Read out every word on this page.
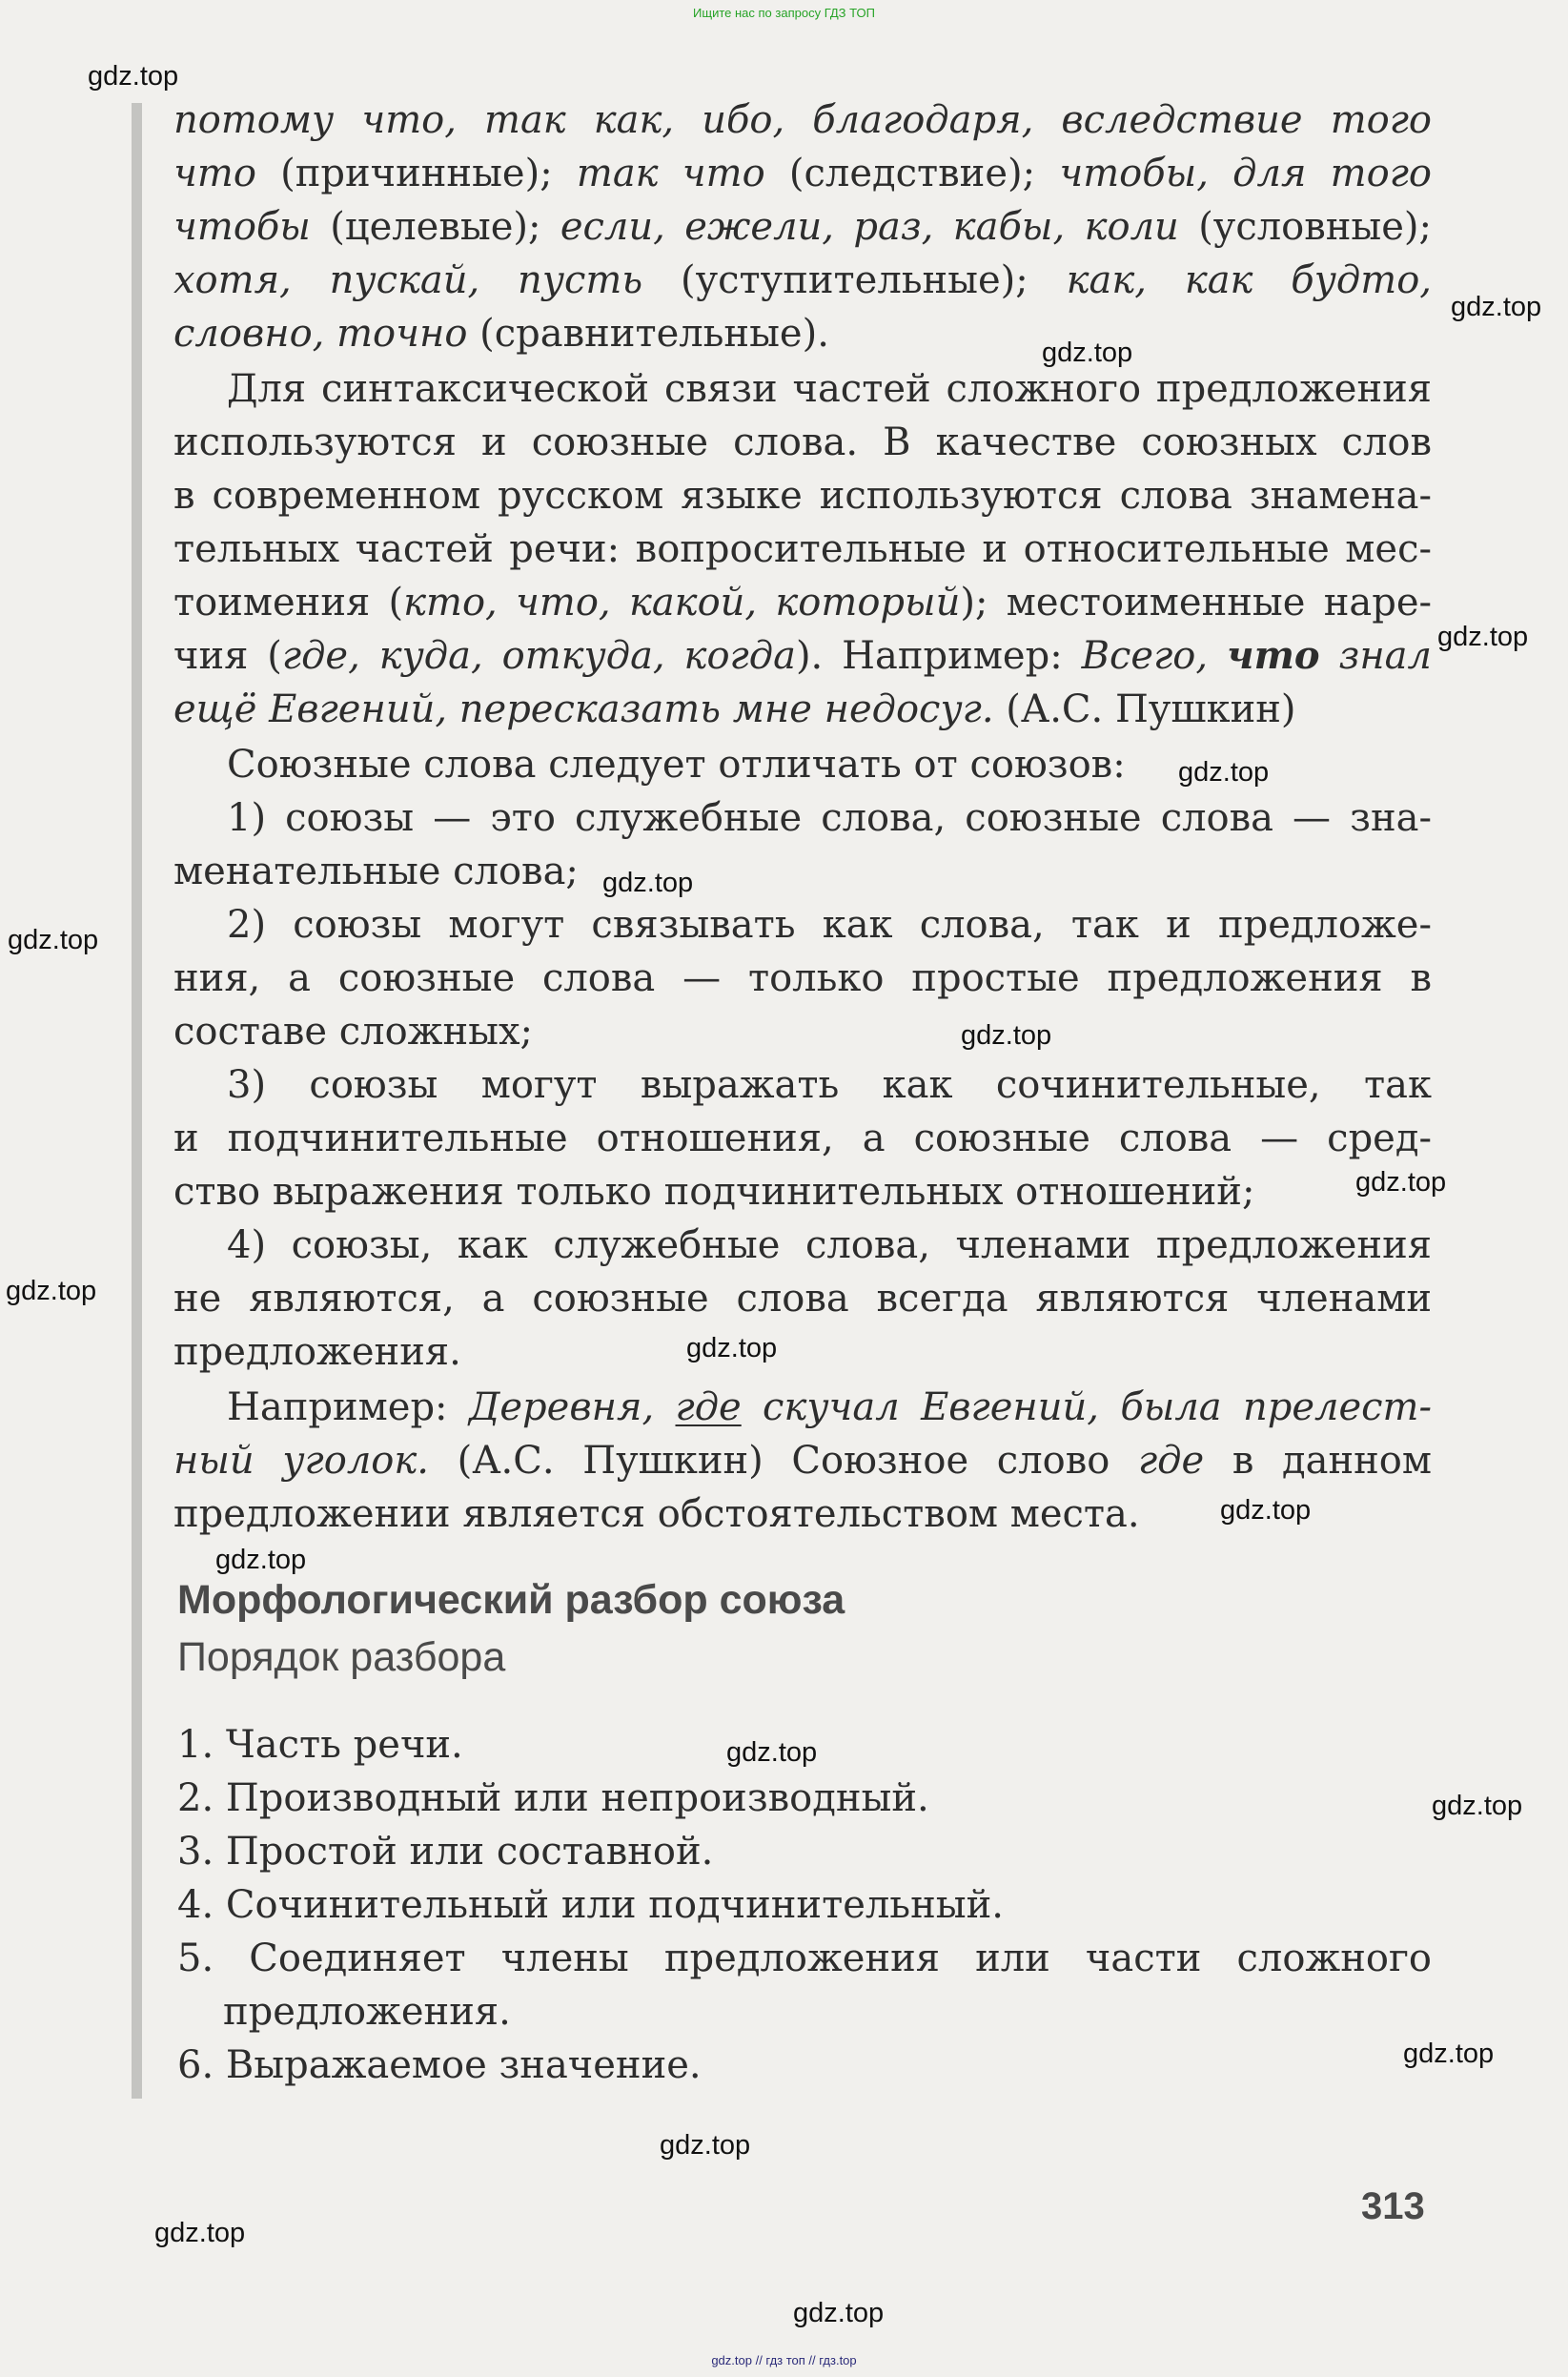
Ищите нас по запросу ГДЗ ТОП
потому что, так как, ибо, благодаря, вследствие того
что (причинные); так что (следствие); чтобы, для того
чтобы (целевые); если, ежели, раз, кабы, коли (условные);
хотя, пускай, пусть (уступительные); как, как будто,
словно, точно (сравнительные).
Для синтаксической связи частей сложного предложения
используются и союзные слова. В качестве союзных слов
в современном русском языке используются слова знамена-
тельных частей речи: вопросительные и относительные мес-
тоимения (кто, что, какой, который); местоименные наре-
чия (где, куда, откуда, когда). Например: Всего, что знал
ещё Евгений, пересказать мне недосуг. (А.С. Пушкин)
Союзные слова следует отличать от союзов:
1) союзы — это служебные слова, союзные слова — зна-
менательные слова;
2) союзы могут связывать как слова, так и предложе-
ния, а союзные слова — только простые предложения в
составе сложных;
3) союзы могут выражать как сочинительные, так
и подчинительные отношения, а союзные слова — сред-
ство выражения только подчинительных отношений;
4) союзы, как служебные слова, членами предложения
не являются, а союзные слова всегда являются членами
предложения.
Например: Деревня, где скучал Евгений, была прелест-
ный уголок. (А.С. Пушкин) Союзное слово где в данном
предложении является обстоятельством места.
Морфологический разбор союза
Порядок разбора
1. Часть речи.
2. Производный или непроизводный.
3. Простой или составной.
4. Сочинительный или подчинительный.
5. Соединяет члены предложения или части сложного
предложения.
6. Выражаемое значение.
313
gdz.top
gdz.top
gdz.top
gdz.top
gdz.top
gdz.top
gdz.top
gdz.top
gdz.top
gdz.top
gdz.top
gdz.top
gdz.top
gdz.top
gdz.top
gdz.top
gdz.top
gdz.top
gdz.top
gdz.top // гдз топ // гдз.top
